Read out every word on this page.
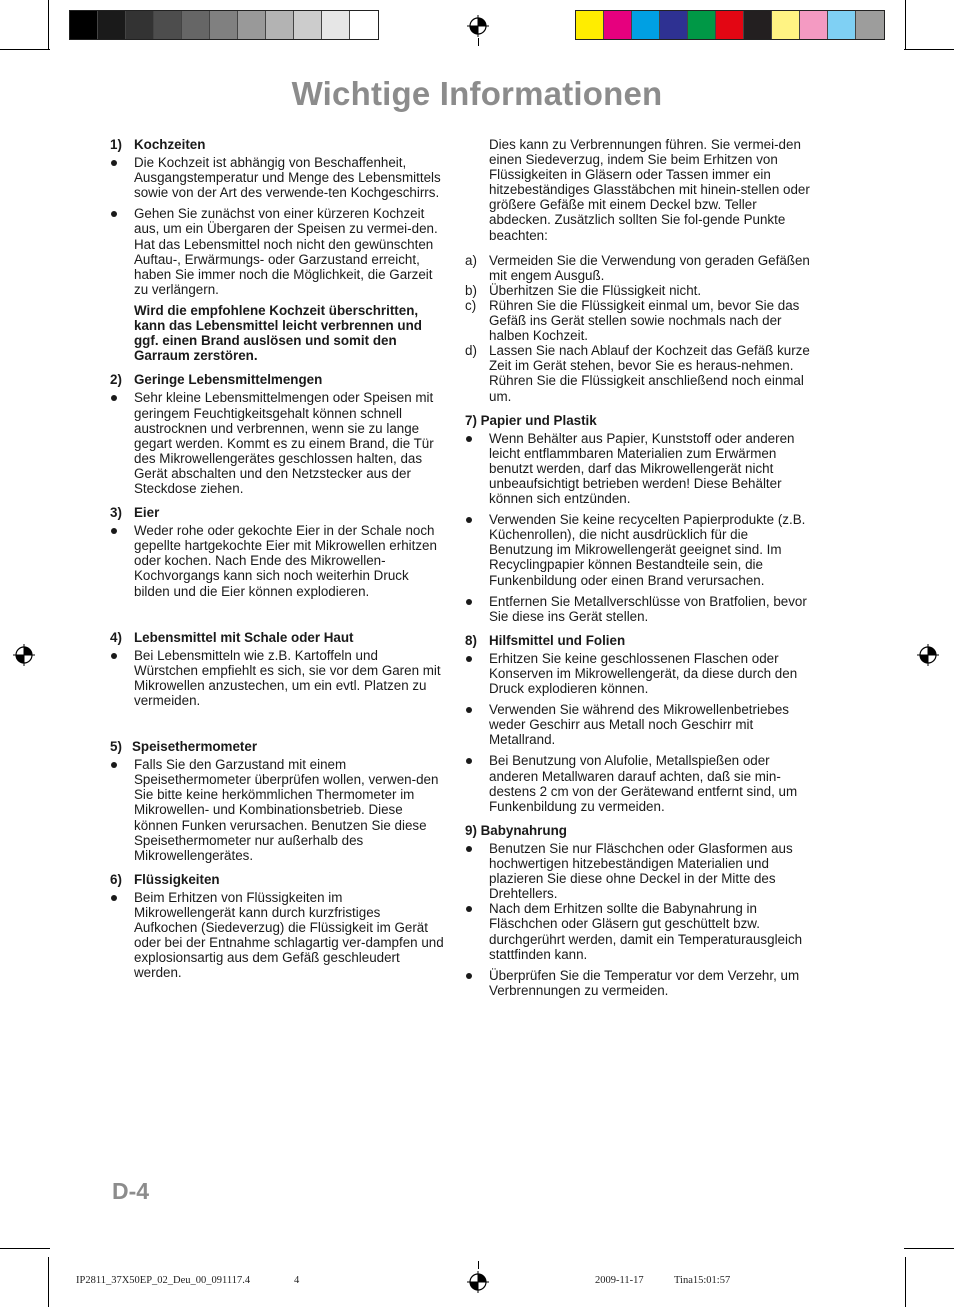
Wichtige Informationen
1) Kochzeiten
Die Kochzeit ist abhängig von Beschaffenheit, Ausgangstemperatur und Menge des Lebensmittels sowie von der Art des verwende-ten Kochgeschirrs.
Gehen Sie zunächst von einer kürzeren Kochzeit aus, um ein Übergaren der Speisen zu vermei-den. Hat das Lebensmittel noch nicht den gewünschten Auftau-, Erwärmungs- oder Garzustand erreicht, haben Sie immer noch die Möglichkeit, die Garzeit zu verlängern.
Wird die empfohlene Kochzeit überschritten, kann das Lebensmittel leicht verbrennen und ggf. einen Brand auslösen und somit den Garraum zerstören.
2) Geringe Lebensmittelmengen
Sehr kleine Lebensmittelmengen oder Speisen mit geringem Feuchtigkeitsgehalt können schnell austrocknen und verbrennen, wenn sie zu lange gegart werden. Kommt es zu einem Brand, die Tür des Mikrowellengerätes geschlossen halten, das Gerät abschalten und den Netzstecker aus der Steckdose ziehen.
3) Eier
Weder rohe oder gekochte Eier in der Schale noch gepellte hartgekochte Eier mit Mikrowellen erhitzen oder kochen. Nach Ende des Mikrowellen-Kochvorgangs kann sich noch weiterhin Druck bilden und die Eier können explodieren.
4) Lebensmittel mit Schale oder Haut
Bei Lebensmitteln wie z.B. Kartoffeln und Würstchen empfiehlt es sich, sie vor dem Garen mit Mikrowellen anzustechen, um ein evtl. Platzen zu vermeiden.
5) Speisethermometer
Falls Sie den Garzustand mit einem Speisethermometer überprüfen wollen, verwen-den Sie bitte keine herkömmlichen Thermometer im Mikrowellen- und Kombinationsbetrieb. Diese können Funken verursachen. Benutzen Sie diese Speisethermometer nur außerhalb des Mikrowellengerätes.
6) Flüssigkeiten
Beim Erhitzen von Flüssigkeiten im Mikrowellengerät kann durch kurzfristiges Aufkochen (Siedeverzug) die Flüssigkeit im Gerät oder bei der Entnahme schlagartig ver-dampfen und explosionsartig aus dem Gefäß geschleudert werden.
Dies kann zu Verbrennungen führen. Sie vermei-den einen Siedeverzug, indem Sie beim Erhitzen von Flüssigkeiten in Gläsern oder Tassen immer ein hitzebeständiges Glasstäbchen mit hinein-stellen oder größere Gefäße mit einem Deckel bzw. Teller abdecken. Zusätzlich sollten Sie fol-gende Punkte beachten:
a) Vermeiden Sie die Verwendung von geraden Gefäßen mit engem Ausguß.
b) Überhitzen Sie die Flüssigkeit nicht.
c) Rühren Sie die Flüssigkeit einmal um, bevor Sie das Gefäß ins Gerät stellen sowie nochmals nach der halben Kochzeit.
d) Lassen Sie nach Ablauf der Kochzeit das Gefäß kurze Zeit im Gerät stehen, bevor Sie es heraus-nehmen. Rühren Sie die Flüssigkeit anschließend noch einmal um.
7) Papier und Plastik
Wenn Behälter aus Papier, Kunststoff oder anderen leicht entflammbaren Materialien zum Erwärmen benutzt werden, darf das Mikrowellengerät nicht unbeaufsichtigt betrieben werden! Diese Behälter können sich entzünden.
Verwenden Sie keine recycelten Papierprodukte (z.B. Küchenrollen), die nicht ausdrücklich für die Benutzung im Mikrowellengerät geeignet sind. Im Recyclingpapier können Bestandteile sein, die Funkenbildung oder einen Brand verursachen.
Entfernen Sie Metallverschlüsse von Bratfolien, bevor Sie diese ins Gerät stellen.
8) Hilfsmittel und Folien
Erhitzen Sie keine geschlossenen Flaschen oder Konserven im Mikrowellengerät, da diese durch den Druck explodieren können.
Verwenden Sie während des Mikrowellenbetriebes weder Geschirr aus Metall noch Geschirr mit Metallrand.
Bei Benutzung von Alufolie, Metallspießen oder anderen Metallwaren darauf achten, daß sie min-destens 2 cm von der Gerätewand entfernt sind, um Funkenbildung zu vermeiden.
9) Babynahrung
Benutzen Sie nur Fläschchen oder Glasformen aus hochwertigen hitzebeständigen Materialien und plazieren Sie diese ohne Deckel in der Mitte des Drehtellers.
Nach dem Erhitzen sollte die Babynahrung in Fläschchen oder Gläsern gut geschüttelt bzw. durchgerührt werden, damit ein Temperaturausgleich stattfinden kann.
Überprüfen Sie die Temperatur vor dem Verzehr, um Verbrennungen zu vermeiden.
D-4
IP2811_37X50EP_02_Deu_00_091117.4	4	2009-11-17	Tina15:01:57
